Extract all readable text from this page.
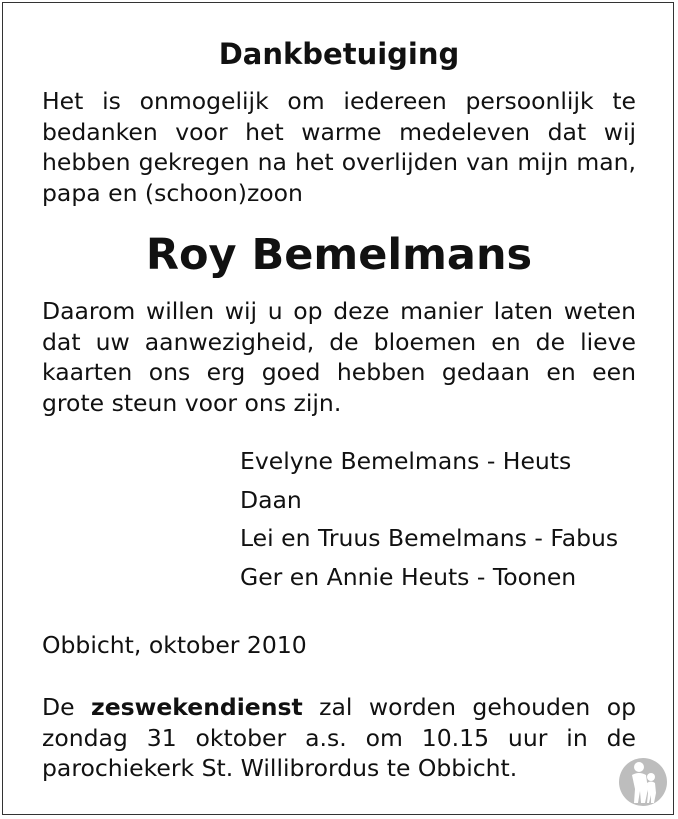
Dankbetuiging

Het is onmogelijk om iedereen persoonlijk te bedanken voor het warme medeleven dat wij hebben gekregen na het overlijden van mijn man, papa en (schoon)zoon

Roy Bemelmans

Daarom willen wij u op deze manier laten weten dat uw aanwezigheid, de bloemen en de lieve kaarten ons erg goed hebben gedaan en een grote steun voor ons zijn.

Evelyne Bemelmans - Heuts
Daan
Lei en Truus Bemelmans - Fabus
Ger en Annie Heuts - Toonen

Obbicht, oktober 2010

De zeswekendienst zal worden gehouden op zondag 31 oktober a.s. om 10.15 uur in de parochiekerk St. Willibrordus te Obbicht.
